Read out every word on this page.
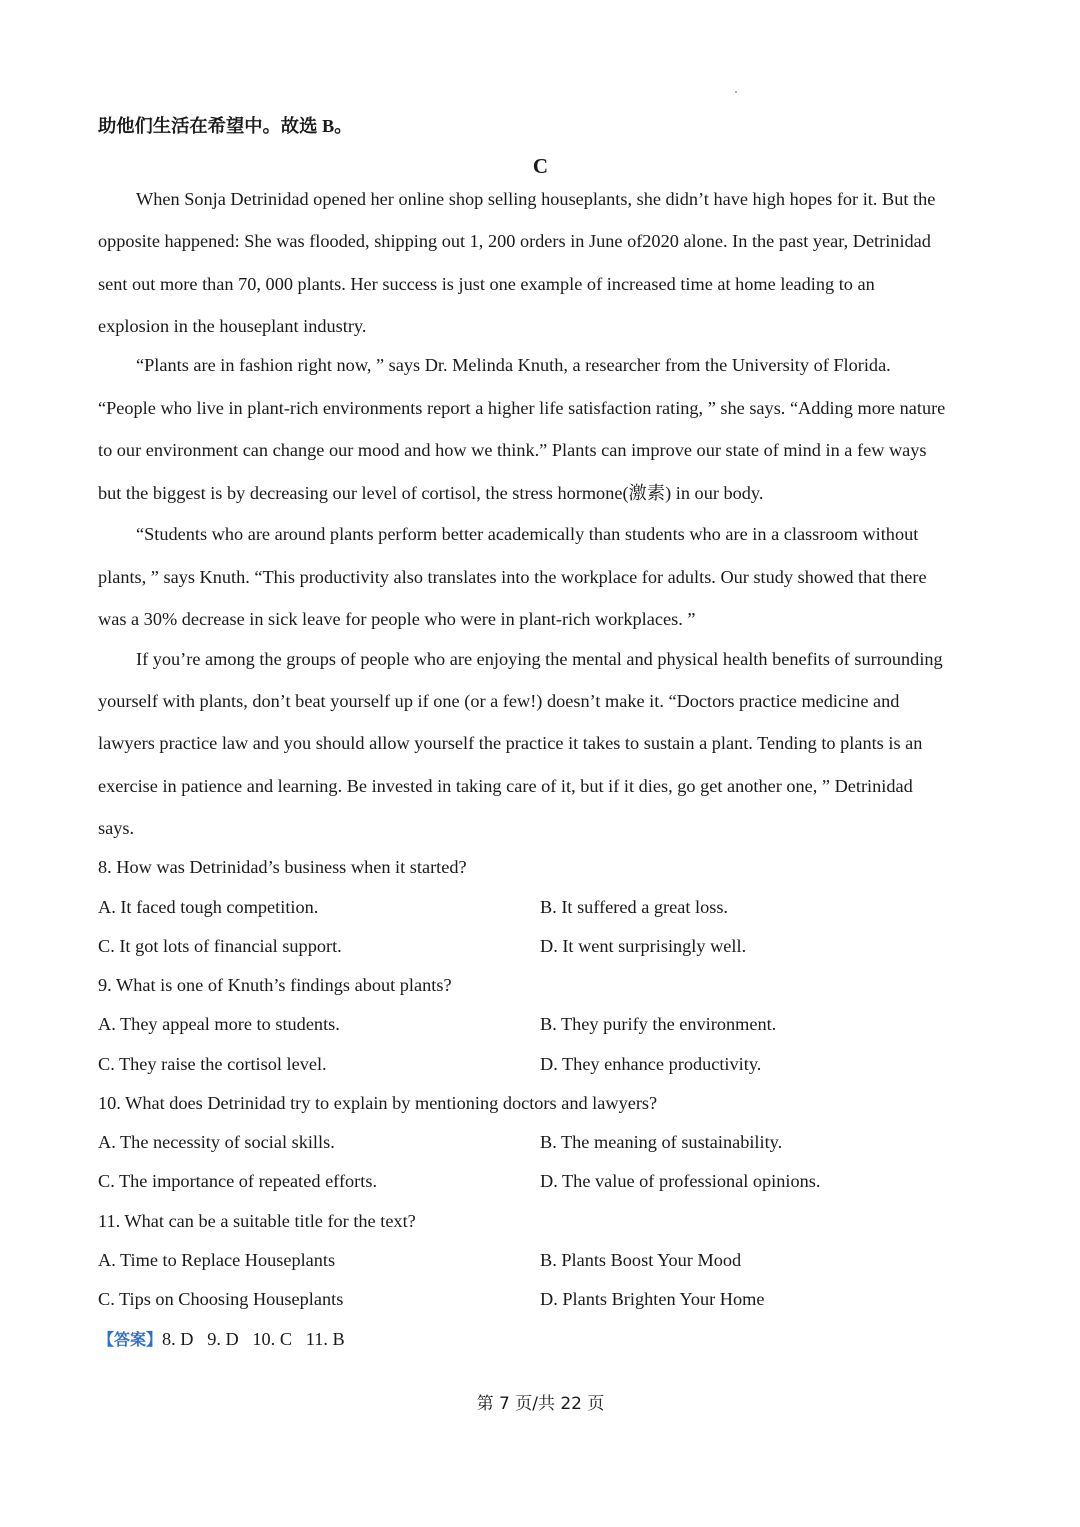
助他们生活在希望中。故选 B。
C
When Sonja Detrinidad opened her online shop selling houseplants, she didn’t have high hopes for it. But the
opposite happened: She was flooded, shipping out 1, 200 orders in June of2020 alone. In the past year, Detrinidad
sent out more than 70, 000 plants. Her success is just one example of increased time at home leading to an
explosion in the houseplant industry.
“Plants are in fashion right now, ” says Dr. Melinda Knuth, a researcher from the University of Florida.
“People who live in plant-rich environments report a higher life satisfaction rating, ” she says. “Adding more nature
to our environment can change our mood and how we think.” Plants can improve our state of mind in a few ways
but the biggest is by decreasing our level of cortisol, the stress hormone(激素) in our body.
“Students who are around plants perform better academically than students who are in a classroom without
plants, ” says Knuth. “This productivity also translates into the workplace for adults. Our study showed that there
was a 30% decrease in sick leave for people who were in plant-rich workplaces. ”
If you’re among the groups of people who are enjoying the mental and physical health benefits of surrounding
yourself with plants, don’t beat yourself up if one (or a few!) doesn’t make it. “Doctors practice medicine and
lawyers practice law and you should allow yourself the practice it takes to sustain a plant. Tending to plants is an
exercise in patience and learning. Be invested in taking care of it, but if it dies, go get another one, ” Detrinidad
says.
8. How was Detrinidad’s business when it started?
A. It faced tough competition.	B. It suffered a great loss.
C. It got lots of financial support.	D. It went surprisingly well.
9. What is one of Knuth’s findings about plants?
A. They appeal more to students.	B. They purify the environment.
C. They raise the cortisol level.	D. They enhance productivity.
10. What does Detrinidad try to explain by mentioning doctors and lawyers?
A. The necessity of social skills.	B. The meaning of sustainability.
C. The importance of repeated efforts.	D. The value of professional opinions.
11. What can be a suitable title for the text?
A. Time to Replace Houseplants	B. Plants Boost Your Mood
C. Tips on Choosing Houseplants	D. Plants Brighten Your Home
【答案】8. D   9. D   10. C   11. B
第 7 页/共 22 页
